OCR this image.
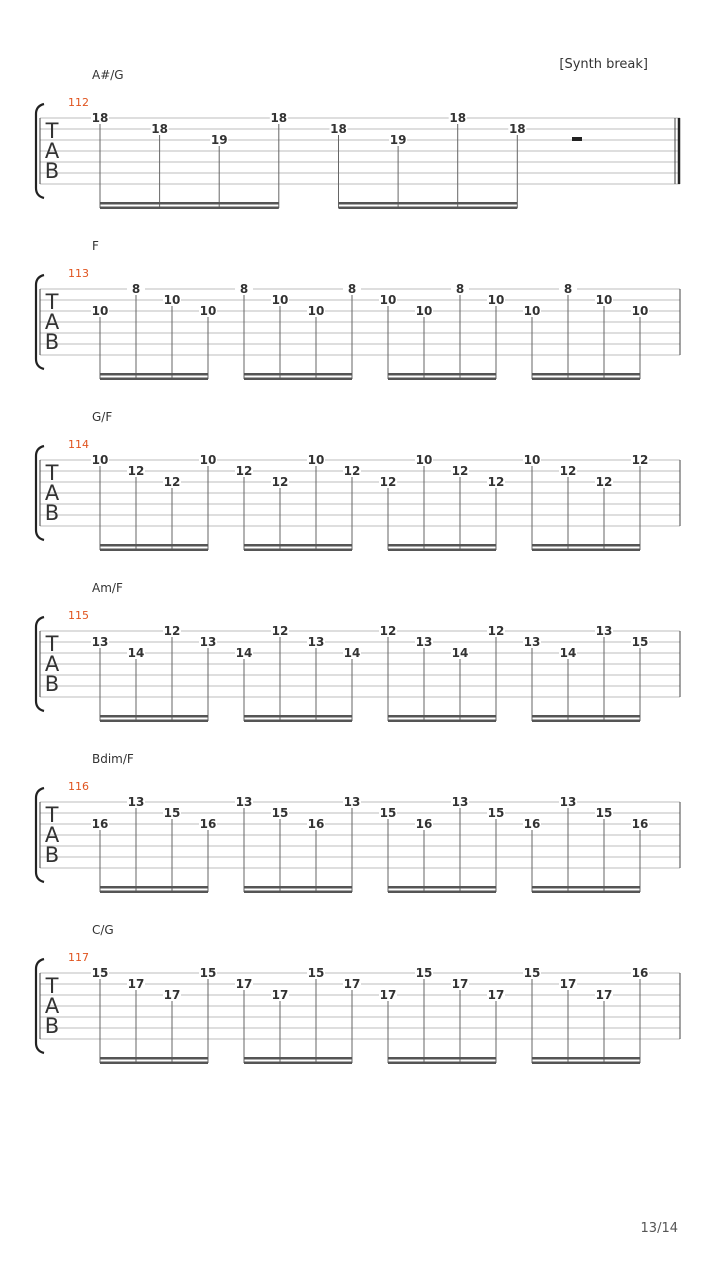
[Synth break]
A#/G
112
T
A
B
18
18
19
18
18
19
18
18
F
113
T
A
B
10
8
10
10
8
10
10
8
10
10
8
10
10
8
10
10
G/F
114
T
A
B
10
12
12
10
12
12
10
12
12
10
12
12
10
12
12
12
Am/F
115
T
A
B
13
14
12
13
14
12
13
14
12
13
14
12
13
14
13
15
Bdim/F
116
T
A
B
16
13
15
16
13
15
16
13
15
16
13
15
16
13
15
16
C/G
117
T
A
B
15
17
17
15
17
17
15
17
17
15
17
17
15
17
17
16
13/14
